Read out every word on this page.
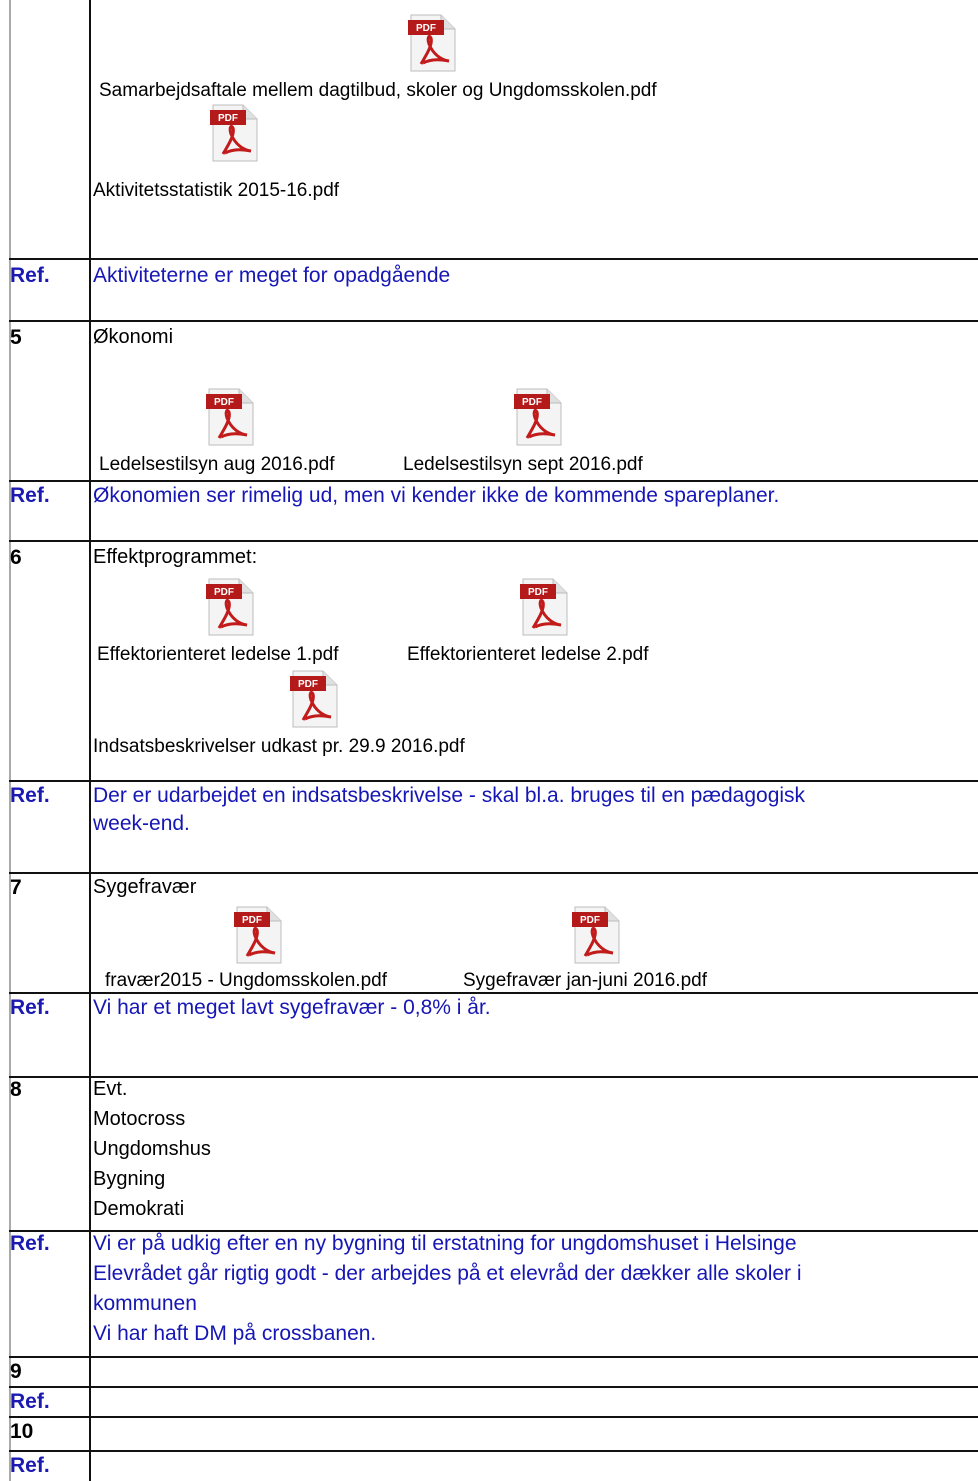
PDF
Samarbejdsaftale mellem dagtilbud, skoler og Ungdomsskolen.pdf
PDF
Aktivitetsstatistik 2015-16.pdf
Ref. Aktiviteterne er meget for opadgående
5	Økonomi
PDF
Ledelsestilsyn aug 2016.pdf
PDF
Ledelsestilsyn sept 2016.pdf
Ref. Økonomien ser rimelig ud, men vi kender ikke de kommende spareplaner.
6	Effektprogrammet:
PDF
Effektorienteret ledelse 1.pdf
PDF
Effektorienteret ledelse 2.pdf
PDF
Indsatsbeskrivelser udkast pr. 29.9 2016.pdf
Ref. Der er udarbejdet en indsatsbeskrivelse - skal bl.a. bruges til en pædagogisk
week-end.
7	Sygefravær
PDF
fravær2015 - Ungdomsskolen.pdf
PDF
Sygefravær jan-juni 2016.pdf
Ref. Vi har et meget lavt sygefravær - 0,8% i år.
8	Evt.
Motocross
Ungdomshus
Bygning
Demokrati
Ref. Vi er på udkig efter en ny bygning til erstatning for ungdomshuset i Helsinge
Elevrådet går rigtig godt - der arbejdes på et elevråd der dækker alle skoler i
kommunen
Vi har haft DM på crossbanen.
9
Ref.
10
Ref.
